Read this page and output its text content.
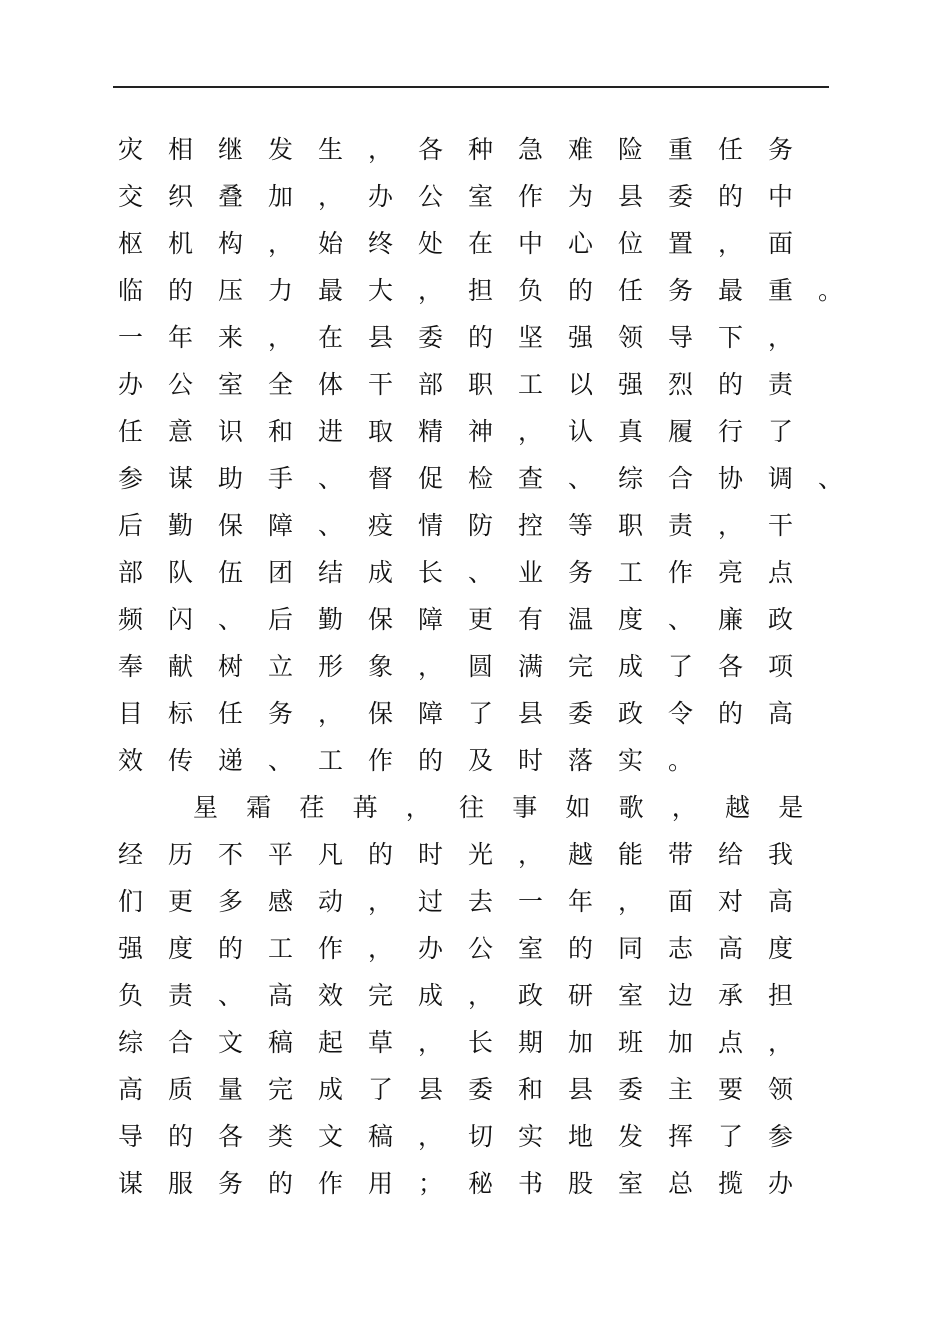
灾相继发生，各种急难险重任务
交织叠加，办公室作为县委的中
枢机构，始终处在中心位置，面
临的压力最大，担负的任务最重。
一年来，在县委的坚强领导下，
办公室全体干部职工以强烈的责
任意识和进取精神，认真履行了
参谋助手、督促检查、综合协调、
后勤保障、疫情防控等职责，干
部队伍团结成长、业务工作亮点
频闪、后勤保障更有温度、廉政
奉献树立形象，圆满完成了各项
目标任务，保障了县委政令的高
效传递、工作的及时落实。
星霜荏苒，往事如歌，越是
经历不平凡的时光，越能带给我
们更多感动，过去一年，面对高
强度的工作，办公室的同志高度
负责、高效完成，政研室边承担
综合文稿起草，长期加班加点，
高质量完成了县委和县委主要领
导的各类文稿，切实地发挥了参
谋服务的作用；秘书股室总揽办
